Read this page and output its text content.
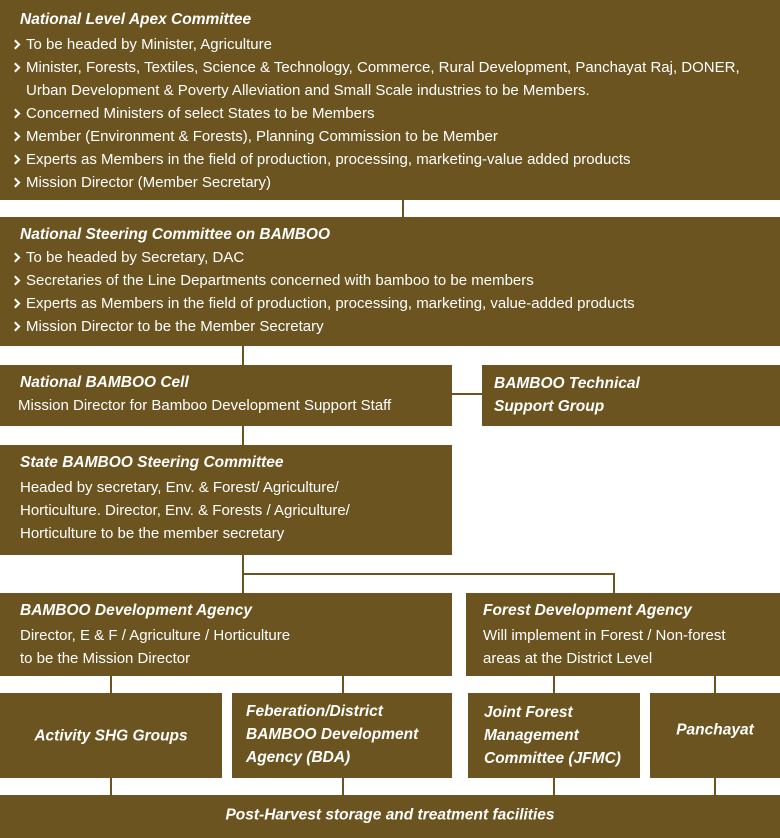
National Level Apex Committee
To be headed by Minister, Agriculture
Minister, Forests, Textiles, Science & Technology, Commerce, Rural Development, Panchayat Raj, DONER, Urban Development & Poverty Alleviation and Small Scale industries to be Members.
Concerned Ministers of select States to be Members
Member (Environment & Forests), Planning Commission to be Member
Experts as Members in the field of production, processing, marketing-value added products
Mission Director (Member Secretary)
National Steering Committee on BAMBOO
To be headed by Secretary, DAC
Secretaries of the Line Departments concerned with bamboo to be members
Experts as Members in the field of production, processing, marketing, value-added products
Mission Director to be the Member Secretary
National BAMBOO Cell
Mission Director for Bamboo Development Support Staff
BAMBOO Technical
Support Group
State BAMBOO Steering Committee
Headed by secretary, Env. & Forest/ Agriculture/
Horticulture. Director, Env. & Forests / Agriculture/
Horticulture to be the member secretary
BAMBOO Development Agency
Director, E & F / Agriculture / Horticulture
to be the Mission Director
Forest Development Agency
Will implement in Forest / Non-forest
areas at the District Level
Activity SHG Groups
Feberation/District
BAMBOO Development
Agency (BDA)
Joint Forest
Management
Committee (JFMC)
Panchayat
Post-Harvest storage and treatment facilities
